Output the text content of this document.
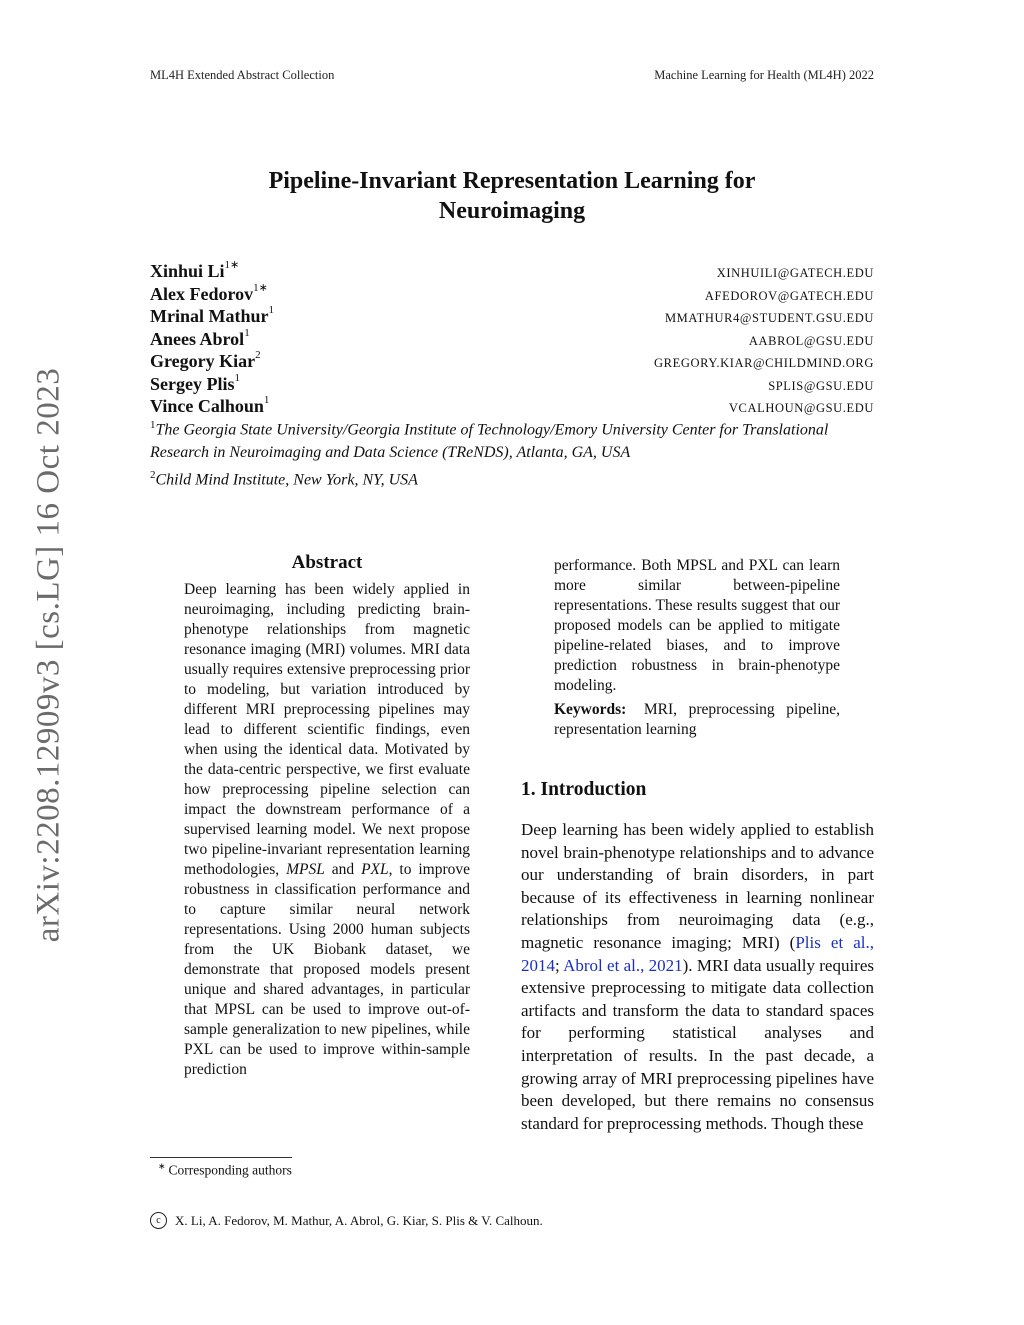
ML4H Extended Abstract Collection	Machine Learning for Health (ML4H) 2022
arXiv:2208.12909v3 [cs.LG] 16 Oct 2023
Pipeline-Invariant Representation Learning for
Neuroimaging
Xinhui $Li^{1∗}$
XINHUILI@GATECH.EDU
Alex Fedorov$^{1∗}$
AFEDOROV@GATECH.EDU
Mrinal Mathur$^1$
MMATHUR4@STUDENT.GSU.EDU
Anees Abrol$^1$
AABROL@GSU.EDU
Gregory Kiar$^2$
GREGORY.KIAR@CHILDMIND.ORG
Sergey Plis$^1$
SPLIS@GSU.EDU
Vince Calhoun$^1$
VCALHOUN@GSU.EDU
$^1$The Georgia State University/Georgia Institute of Technology/Emory University Center for Translational Research in Neuroimaging and Data Science (TReNDS), Atlanta, GA, USA
$^2$Child Mind Institute, New York, NY, USA
Abstract
Deep learning has been widely applied in neuroimaging, including predicting brain-phenotype relationships from magnetic resonance imaging (MRI) volumes. MRI data usually requires extensive preprocessing prior to modeling, but variation introduced by different MRI preprocessing pipelines may lead to different scientific findings, even when using the identical data. Motivated by the data-centric perspective, we first evaluate how preprocessing pipeline selection can impact the downstream performance of a supervised learning model. We next propose two pipeline-invariant representation learning methodologies, MPSL and PXL, to improve robustness in classification performance and to capture similar neural network representations. Using 2000 human subjects from the UK Biobank dataset, we demonstrate that proposed models present unique and shared advantages, in particular that MPSL can be used to improve out-of-sample generalization to new pipelines, while PXL can be used to improve within-sample prediction
performance. Both MPSL and PXL can learn more similar between-pipeline representations. These results suggest that our proposed models can be applied to mitigate pipeline-related biases, and to improve prediction robustness in brain-phenotype modeling.
Keywords: MRI, preprocessing pipeline, representation learning
1. Introduction
Deep learning has been widely applied to establish novel brain-phenotype relationships and to advance our understanding of brain disorders, in part because of its effectiveness in learning nonlinear relationships from neuroimaging data (e.g., magnetic resonance imaging; MRI) (Plis et al., 2014; Abrol et al., 2021). MRI data usually requires extensive preprocessing to mitigate data collection artifacts and transform the data to standard spaces for performing statistical analyses and interpretation of results. In the past decade, a growing array of MRI preprocessing pipelines have been developed, but there remains no consensus standard for preprocessing methods. Though these
∗ Corresponding authors
c	X. Li, A. Fedorov, M. Mathur, A. Abrol, G. Kiar, S. Plis & V. Calhoun.
